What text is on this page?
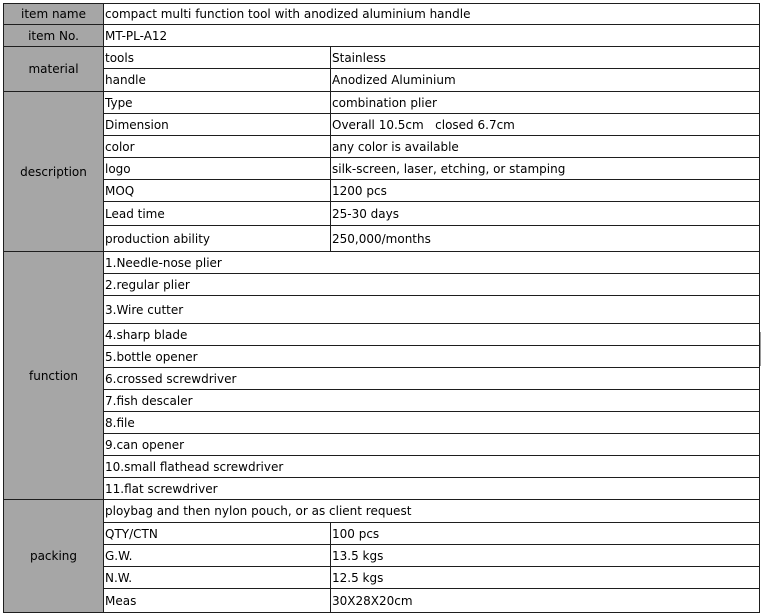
item name	compact multi function tool with anodized aluminium handle
item No.	MT-PL-A12
material
tools	Stainless
handle	Anodized Aluminium
description
Type	combination plier
Dimension	Overall 10.5cm   closed 6.7cm
color	any color is available
logo	silk-screen, laser, etching, or stamping
MOQ	1200 pcs
Lead time	25-30 days
production ability	250,000/months
function
1.Needle-nose plier
2.regular plier
3.Wire cutter
4.sharp blade
5.bottle opener
6.crossed screwdriver
7.fish descaler
8.file
9.can opener
10.small flathead screwdriver
11.flat screwdriver
packing
ploybag and then nylon pouch, or as client request
QTY/CTN	100 pcs
G.W.	13.5 kgs
N.W.	12.5 kgs
Meas	30X28X20cm
